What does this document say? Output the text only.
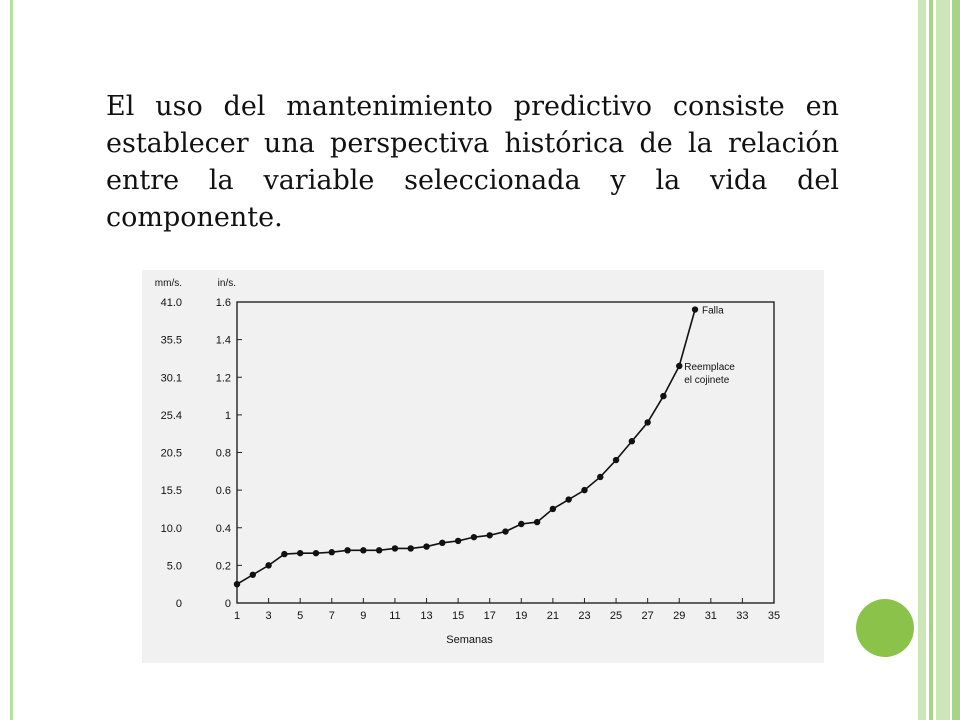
El uso del mantenimiento predictivo consiste en establecer una perspectiva histórica de la relación entre la variable seleccionada y la vida del componente.

0
0
0.2
5.0
0.4
10.0
0.6
15.5
0.8
20.5
1
25.4
1.2
30.1
1.4
35.5
1.6
41.0
1 3 5 7 9 11 13 15 17 19 21 23 25 27 29 31 33 35
mm/s.	in/s.
Semanas
Falla
Reemplace
el cojinete
